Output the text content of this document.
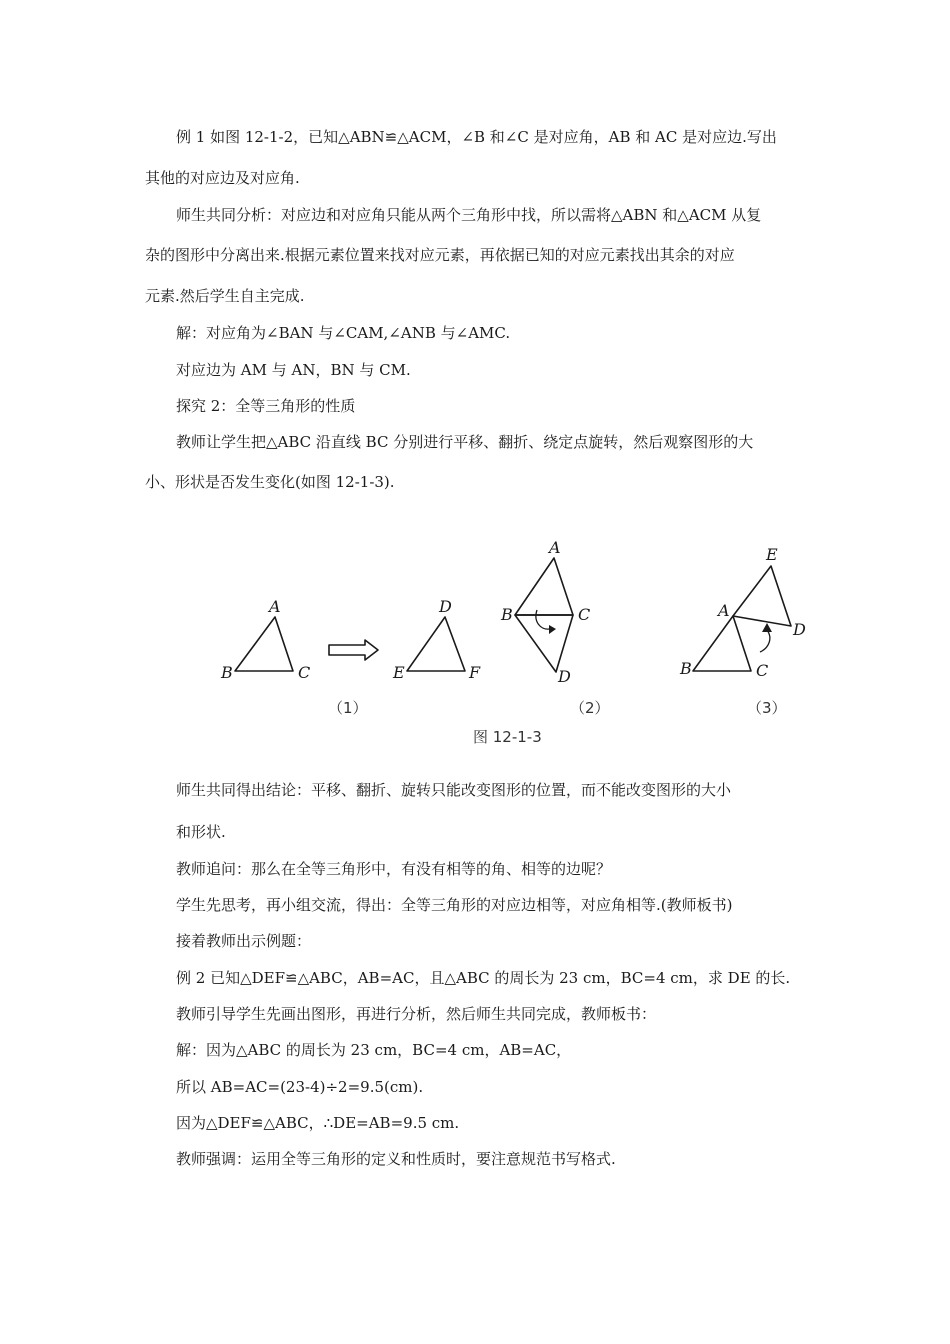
例 1 如图 12-1-2，已知△ABN≌△ACM，∠B 和∠C 是对应角，AB 和 AC 是对应边.写出
其他的对应边及对应角.
师生共同分析：对应边和对应角只能从两个三角形中找，所以需将△ABN 和△ACM 从复
杂的图形中分离出来.根据元素位置来找对应元素，再依据已知的对应元素找出其余的对应
元素.然后学生自主完成.
解：对应角为∠BAN 与∠CAM,∠ANB 与∠AMC.
对应边为 AM 与 AN，BN 与 CM.
探究 2：全等三角形的性质
教师让学生把△ABC 沿直线 BC 分别进行平移、翻折、绕定点旋转，然后观察图形的大
小、形状是否发生变化(如图 12-1-3).
A
B	C
D
E	F
A
B	C
D
A
B	C
D
E
（1）	（2）	（3）
图 12-1-3
师生共同得出结论：平移、翻折、旋转只能改变图形的位置，而不能改变图形的大小
和形状.
教师追问：那么在全等三角形中，有没有相等的角、相等的边呢？
学生先思考，再小组交流，得出：全等三角形的对应边相等，对应角相等.(教师板书)
接着教师出示例题：
例 2 已知△DEF≌△ABC，AB=AC，且△ABC 的周长为 23 cm，BC=4 cm，求 DE 的长.
教师引导学生先画出图形，再进行分析，然后师生共同完成，教师板书：
解：因为△ABC 的周长为 23 cm，BC=4 cm，AB=AC，
所以 AB=AC=(23-4)÷2=9.5(cm).
因为△DEF≌△ABC，∴DE=AB=9.5 cm.
教师强调：运用全等三角形的定义和性质时，要注意规范书写格式.
